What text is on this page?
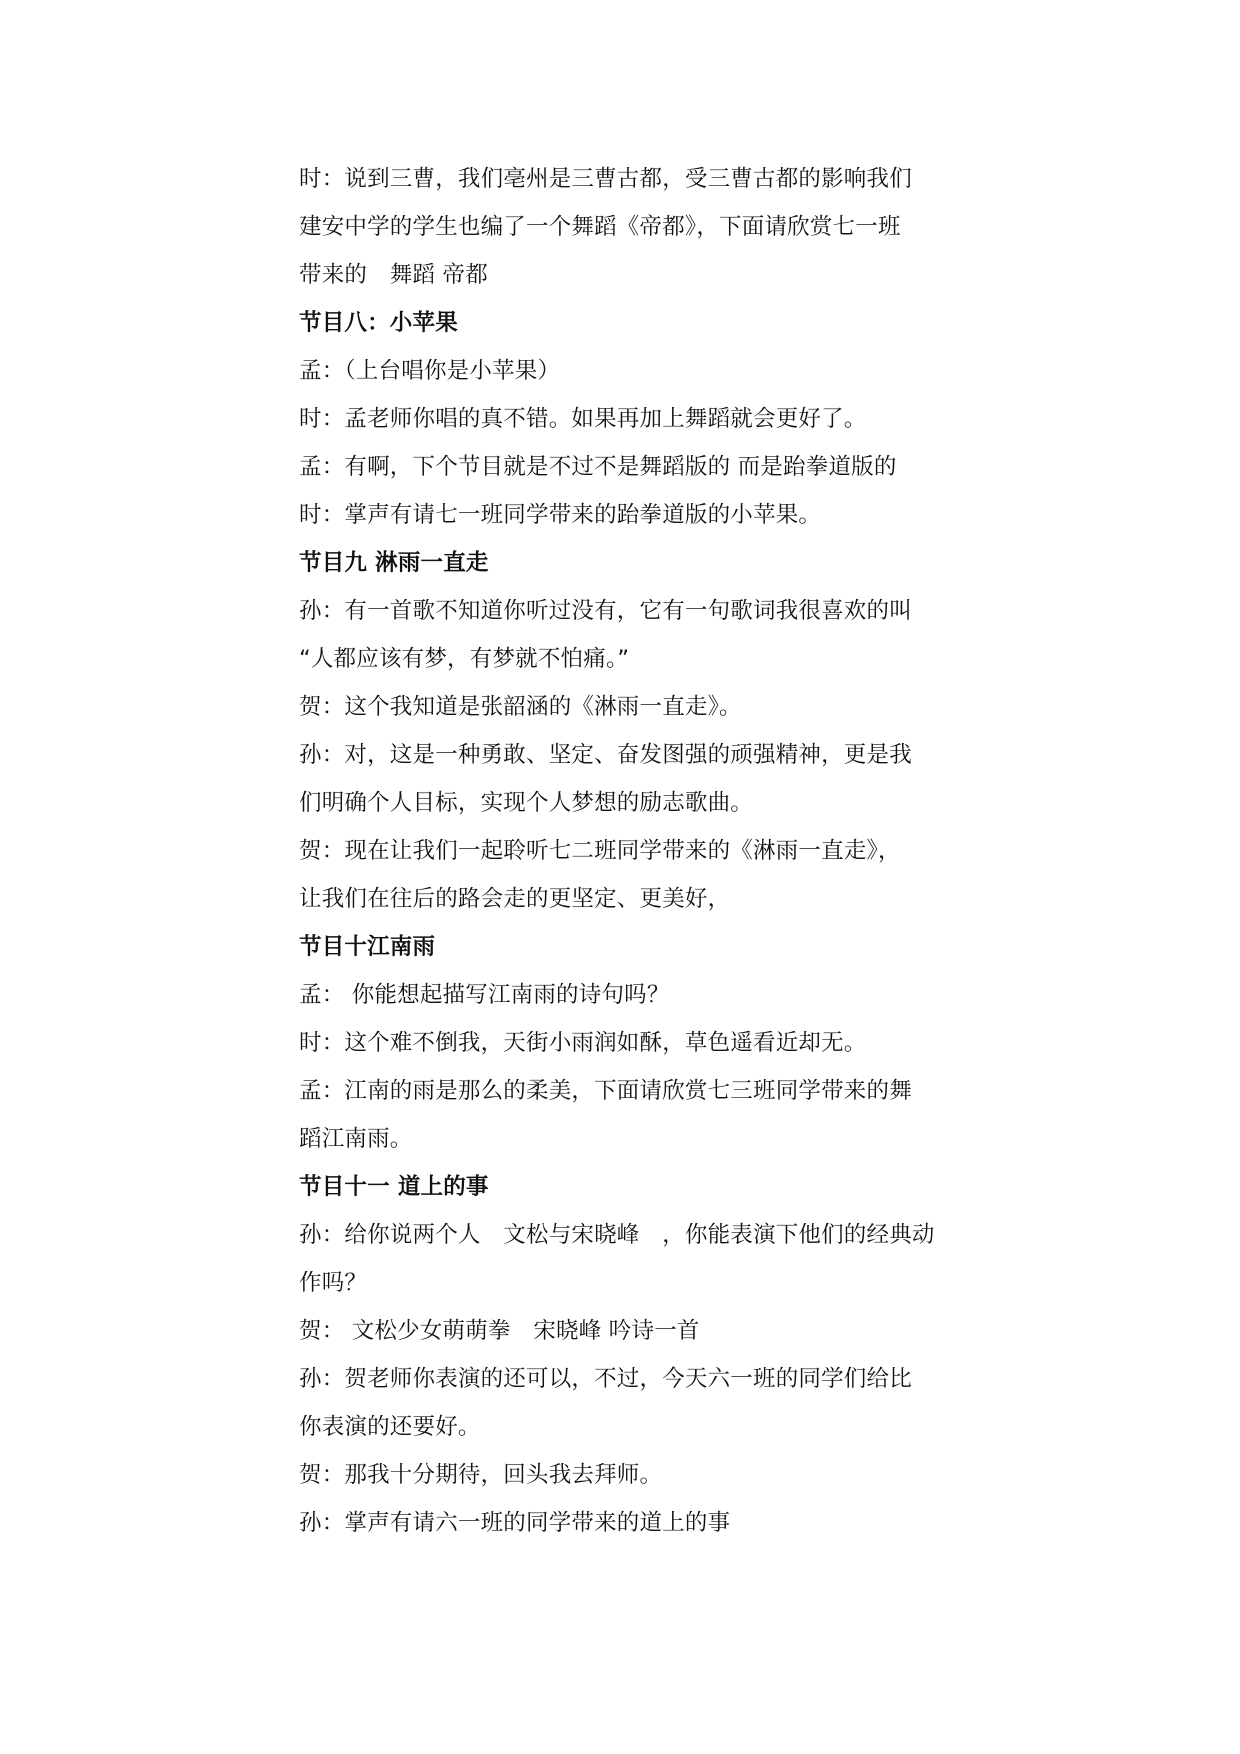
时：说到三曹，我们亳州是三曹古都，受三曹古都的影响我们
建安中学的学生也编了一个舞蹈《帝都》，下面请欣赏七一班
带来的　舞蹈 帝都
节目八：小苹果
孟：（上台唱你是小苹果）
时：孟老师你唱的真不错。如果再加上舞蹈就会更好了。
孟：有啊，下个节目就是不过不是舞蹈版的 而是跆拳道版的
时：掌声有请七一班同学带来的跆拳道版的小苹果。
节目九 淋雨一直走
孙：有一首歌不知道你听过没有，它有一句歌词我很喜欢的叫
“人都应该有梦，有梦就不怕痛。”
贺：这个我知道是张韶涵的《淋雨一直走》。
孙：对，这是一种勇敢、坚定、奋发图强的顽强精神，更是我
们明确个人目标，实现个人梦想的励志歌曲。
贺：现在让我们一起聆听七二班同学带来的《淋雨一直走》，
让我们在往后的路会走的更坚定、更美好，
节目十江南雨
孟： 你能想起描写江南雨的诗句吗？
时：这个难不倒我，天街小雨润如酥，草色遥看近却无。
孟：江南的雨是那么的柔美，下面请欣赏七三班同学带来的舞
蹈江南雨。
节目十一 道上的事
孙：给你说两个人　文松与宋晓峰　，你能表演下他们的经典动
作吗？
贺： 文松少女萌萌拳　宋晓峰 吟诗一首
孙：贺老师你表演的还可以，不过，今天六一班的同学们给比
你表演的还要好。
贺：那我十分期待，回头我去拜师。
孙：掌声有请六一班的同学带来的道上的事
